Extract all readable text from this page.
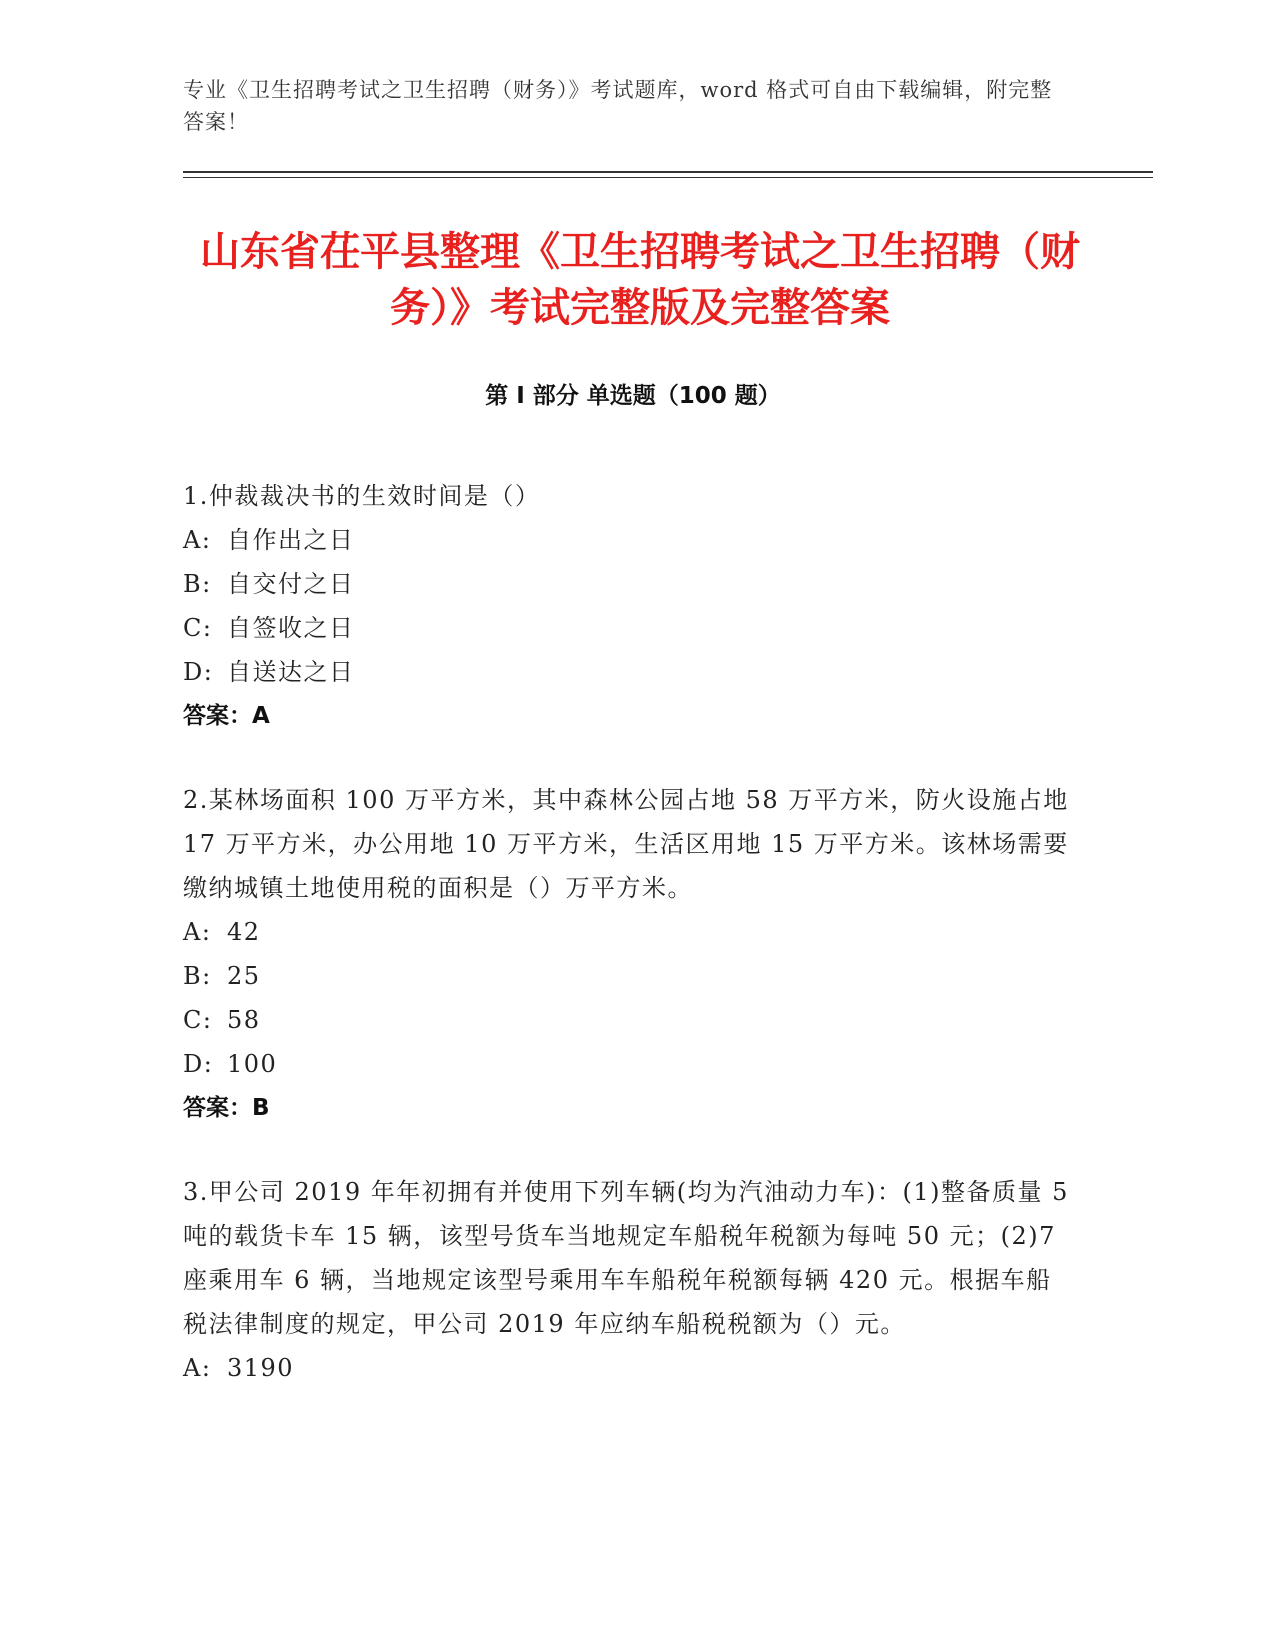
专业《卫生招聘考试之卫生招聘（财务）》考试题库，word 格式可自由下载编辑，附完整答案！
山东省茌平县整理《卫生招聘考试之卫生招聘（财务）》考试完整版及完整答案
第 I 部分 单选题（100 题）
1.仲裁裁决书的生效时间是（）
A: 自作出之日
B: 自交付之日
C: 自签收之日
D: 自送达之日
答案：A
2.某林场面积 100 万平方米，其中森林公园占地 58 万平方米，防火设施占地 17 万平方米，办公用地 10 万平方米，生活区用地 15 万平方米。该林场需要缴纳城镇土地使用税的面积是（）万平方米。
A: 42
B: 25
C: 58
D: 100
答案：B
3.甲公司 2019 年年初拥有并使用下列车辆(均为汽油动力车)：(1)整备质量 5 吨的载货卡车 15 辆，该型号货车当地规定车船税年税额为每吨 50 元；(2)7 座乘用车 6 辆，当地规定该型号乘用车车船税年税额每辆 420 元。根据车船税法律制度的规定，甲公司 2019 年应纳车船税税额为（）元。
A: 3190
